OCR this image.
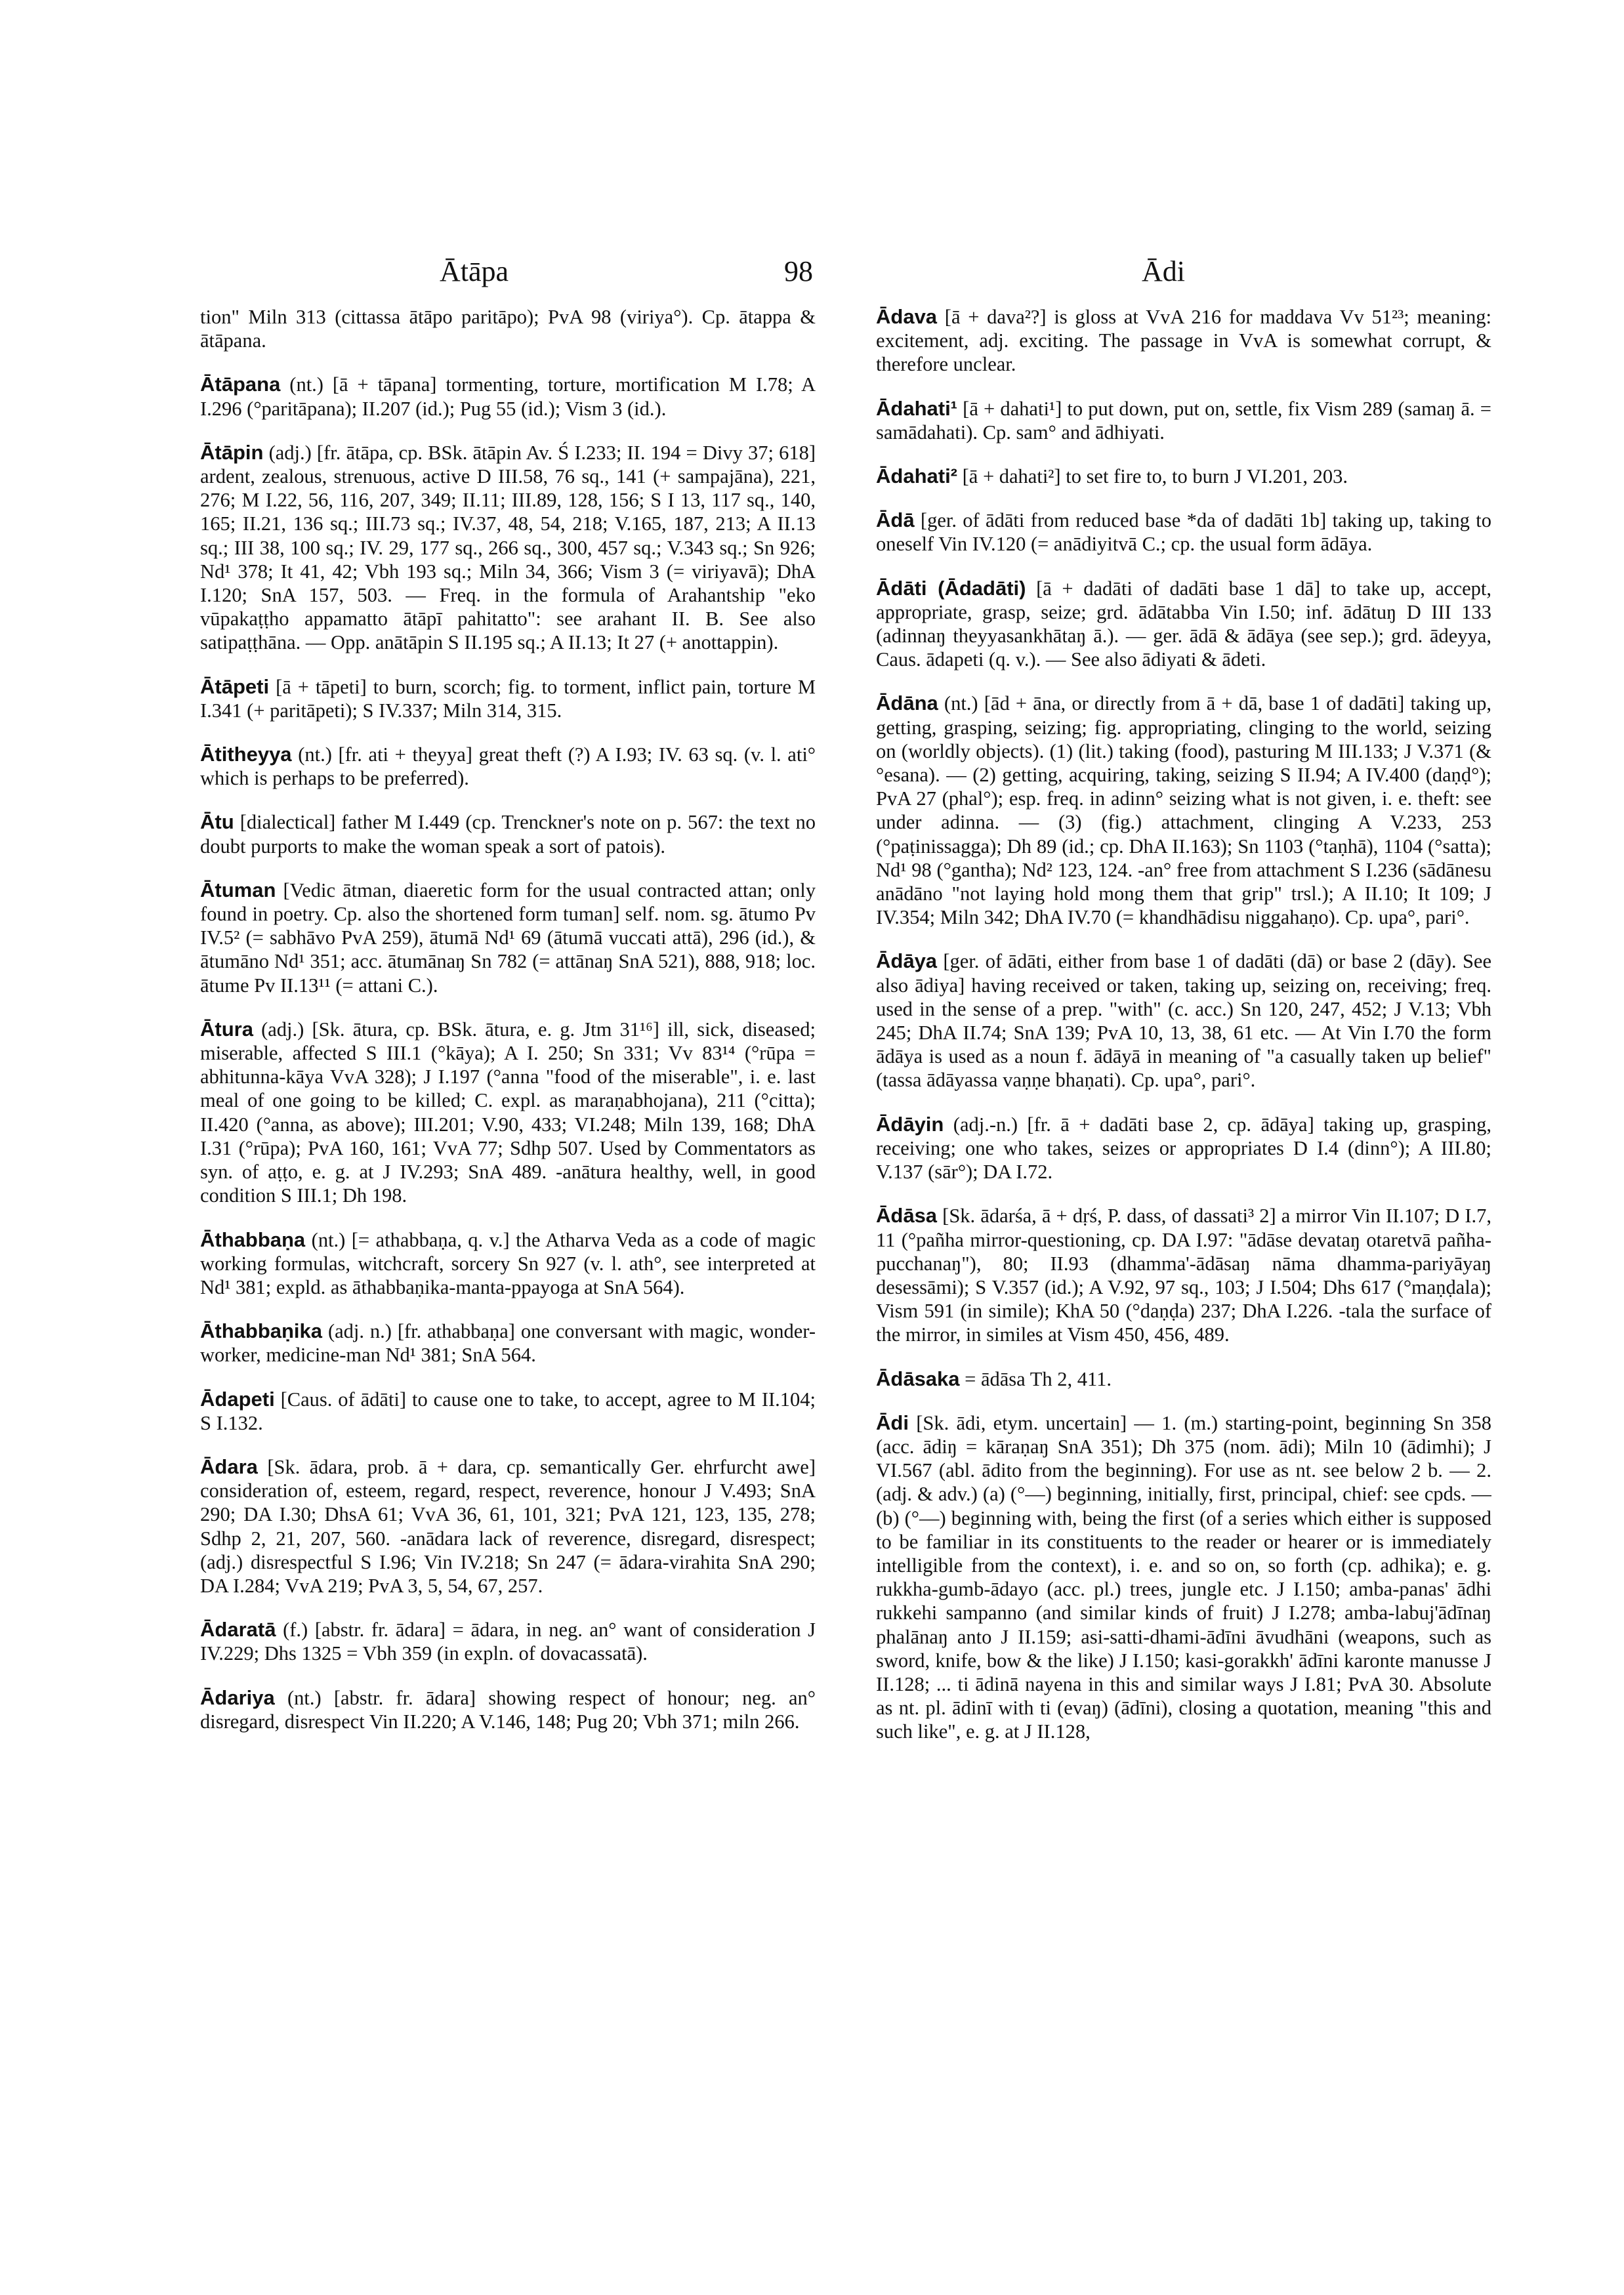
Ātāpa	98	Ādi

tion" Miln 313 (cittassa ātāpo paritāpo); PvA 98 (viriya°). Cp. ātappa & ātāpana.

Ātāpana (nt.) [ā + tāpana] tormenting, torture, mortification M I.78; A I.296 (°paritāpana); II.207 (id.); Pug 55 (id.); Vism 3 (id.).

Ātāpin (adj.) [fr. ātāpa, cp. BSk. ātāpin Av. Ś I.233; II. 194 = Divy 37; 618] ardent, zealous, strenuous, active D III.58, 76 sq., 141 (+ sampajāna), 221, 276; M I.22, 56, 116, 207, 349; II.11; III.89, 128, 156; S I 13, 117 sq., 140, 165; II.21, 136 sq.; III.73 sq.; IV.37, 48, 54, 218; V.165, 187, 213; A II.13 sq.; III 38, 100 sq.; IV. 29, 177 sq., 266 sq., 300, 457 sq.; V.343 sq.; Sn 926; Nd¹ 378; It 41, 42; Vbh 193 sq.; Miln 34, 366; Vism 3 (= viriyavā); DhA I.120; SnA 157, 503. — Freq. in the formula of Arahantship "eko vūpakaṭṭho appamatto ātāpī pahitatto": see arahant II. B. See also satipaṭṭhāna. — Opp. anātāpin S II.195 sq.; A II.13; It 27 (+ anottappin).

Ātāpeti [ā + tāpeti] to burn, scorch; fig. to torment, inflict pain, torture M I.341 (+ paritāpeti); S IV.337; Miln 314, 315.

Ātitheyya (nt.) [fr. ati + theyya] great theft (?) A I.93; IV. 63 sq. (v. l. ati° which is perhaps to be preferred).

Ātu [dialectical] father M I.449 (cp. Trenckner's note on p. 567: the text no doubt purports to make the woman speak a sort of patois).

Ātuman [Vedic ātman, diaeretic form for the usual contracted attan; only found in poetry. Cp. also the shortened form tuman] self. nom. sg. ātumo Pv IV.5² (= sabhāvo PvA 259), ātumā Nd¹ 69 (ātumā vuccati attā), 296 (id.), & ātumāno Nd¹ 351; acc. ātumānaŋ Sn 782 (= attānaŋ SnA 521), 888, 918; loc. ātume Pv II.13¹¹ (= attani C.).

Ātura (adj.) [Sk. ātura, cp. BSk. ātura, e. g. Jtm 31¹⁶] ill, sick, diseased; miserable, affected S III.1 (°kāya); A I. 250; Sn 331; Vv 83¹⁴ (°rūpa = abhitunna-kāya VvA 328); J I.197 (°anna "food of the miserable", i. e. last meal of one going to be killed; C. expl. as maraṇabhojana), 211 (°citta); II.420 (°anna, as above); III.201; V.90, 433; VI.248; Miln 139, 168; DhA I.31 (°rūpa); PvA 160, 161; VvA 77; Sdhp 507. Used by Commentators as syn. of aṭṭo, e. g. at J IV.293; SnA 489. -anātura healthy, well, in good condition S III.1; Dh 198.

Āthabbaṇa (nt.) [= athabbaṇa, q. v.] the Atharva Veda as a code of magic working formulas, witchcraft, sorcery Sn 927 (v. l. ath°, see interpreted at Nd¹ 381; expld. as āthabbaṇika-manta-ppayoga at SnA 564).

Āthabbaṇika (adj. n.) [fr. athabbaṇa] one conversant with magic, wonder-worker, medicine-man Nd¹ 381; SnA 564.

Ādapeti [Caus. of ādāti] to cause one to take, to accept, agree to M II.104; S I.132.

Ādara [Sk. ādara, prob. ā + dara, cp. semantically Ger. ehrfurcht awe] consideration of, esteem, regard, respect, reverence, honour J V.493; SnA 290; DA I.30; DhsA 61; VvA 36, 61, 101, 321; PvA 121, 123, 135, 278; Sdhp 2, 21, 207, 560. -anādara lack of reverence, disregard, disrespect; (adj.) disrespectful S I.96; Vin IV.218; Sn 247 (= ādara-virahita SnA 290; DA I.284; VvA 219; PvA 3, 5, 54, 67, 257.

Ādaratā (f.) [abstr. fr. ādara] = ādara, in neg. an° want of consideration J IV.229; Dhs 1325 = Vbh 359 (in expln. of dovacassatā).

Ādariya (nt.) [abstr. fr. ādara] showing respect of honour; neg. an° disregard, disrespect Vin II.220; A V.146, 148; Pug 20; Vbh 371; miln 266.

Ādava [ā + dava²?] is gloss at VvA 216 for maddava Vv 51²³; meaning: excitement, adj. exciting. The passage in VvA is somewhat corrupt, & therefore unclear.

Ādahati¹ [ā + dahati¹] to put down, put on, settle, fix Vism 289 (samaŋ ā. = samādahati). Cp. sam° and ādhiyati.

Ādahati² [ā + dahati²] to set fire to, to burn J VI.201, 203.

Ādā [ger. of ādāti from reduced base *da of dadāti 1b] taking up, taking to oneself Vin IV.120 (= anādiyitvā C.; cp. the usual form ādāya.

Ādāti (Ādadāti) [ā + dadāti of dadāti base 1 dā] to take up, accept, appropriate, grasp, seize; grd. ādātabba Vin I.50; inf. ādātuŋ D III 133 (adinnaŋ theyyasankhātaŋ ā.). — ger. ādā & ādāya (see sep.); grd. ādeyya, Caus. ādapeti (q. v.). — See also ādiyati & ādeti.

Ādāna (nt.) [ād + āna, or directly from ā + dā, base 1 of dadāti] taking up, getting, grasping, seizing; fig. appropriating, clinging to the world, seizing on (worldly objects). (1) (lit.) taking (food), pasturing M III.133; J V.371 (& °esana). — (2) getting, acquiring, taking, seizing S II.94; A IV.400 (daṇḍ°); PvA 27 (phal°); esp. freq. in adinn° seizing what is not given, i. e. theft: see under adinna. — (3) (fig.) attachment, clinging A V.233, 253 (°paṭinissagga); Dh 89 (id.; cp. DhA II.163); Sn 1103 (°taṇhā), 1104 (°satta); Nd¹ 98 (°gantha); Nd² 123, 124. -an° free from attachment S I.236 (sādānesu anādāno "not laying hold mong them that grip" trsl.); A II.10; It 109; J IV.354; Miln 342; DhA IV.70 (= khandhādisu niggahaṇo). Cp. upa°, pari°.

Ādāya [ger. of ādāti, either from base 1 of dadāti (dā) or base 2 (dāy). See also ādiya] having received or taken, taking up, seizing on, receiving; freq. used in the sense of a prep. "with" (c. acc.) Sn 120, 247, 452; J V.13; Vbh 245; DhA II.74; SnA 139; PvA 10, 13, 38, 61 etc. — At Vin I.70 the form ādāya is used as a noun f. ādāyā in meaning of "a casually taken up belief" (tassa ādāyassa vaṇṇe bhaṇati). Cp. upa°, pari°.

Ādāyin (adj.-n.) [fr. ā + dadāti base 2, cp. ādāya] taking up, grasping, receiving; one who takes, seizes or appropriates D I.4 (dinn°); A III.80; V.137 (sār°); DA I.72.

Ādāsa [Sk. ādarśa, ā + dṛś, P. dass, of dassati³ 2] a mirror Vin II.107; D I.7, 11 (°pañha mirror-questioning, cp. DA I.97: "ādāse devataŋ otaretvā pañha-pucchanaŋ"), 80; II.93 (dhamma'-ādāsaŋ nāma dhamma-pariyāyaŋ desessāmi); S V.357 (id.); A V.92, 97 sq., 103; J I.504; Dhs 617 (°maṇḍala); Vism 591 (in simile); KhA 50 (°daṇḍa) 237; DhA I.226. -tala the surface of the mirror, in similes at Vism 450, 456, 489.

Ādāsaka = ādāsa Th 2, 411.

Ādi [Sk. ādi, etym. uncertain] — 1. (m.) starting-point, beginning Sn 358 (acc. ādiŋ = kāraṇaŋ SnA 351); Dh 375 (nom. ādi); Miln 10 (ādimhi); J VI.567 (abl. ādito from the beginning). For use as nt. see below 2 b. — 2. (adj. & adv.) (a) (°—) beginning, initially, first, principal, chief: see cpds. — (b) (°—) beginning with, being the first (of a series which either is supposed to be familiar in its constituents to the reader or hearer or is immediately intelligible from the context), i. e. and so on, so forth (cp. adhika); e. g. rukkha-gumb-ādayo (acc. pl.) trees, jungle etc. J I.150; amba-panas' ādhi rukkehi sampanno (and similar kinds of fruit) J I.278; amba-labuj'ādīnaŋ phalānaŋ anto J II.159; asi-satti-dhami-ādīni āvudhāni (weapons, such as sword, knife, bow & the like) J I.150; kasi-gorakkh' ādīni karonte manusse J II.128; ... ti ādinā nayena in this and similar ways J I.81; PvA 30. Absolute as nt. pl. ādinī with ti (evaŋ) (ādīni), closing a quotation, meaning "this and such like", e. g. at J II.128,
